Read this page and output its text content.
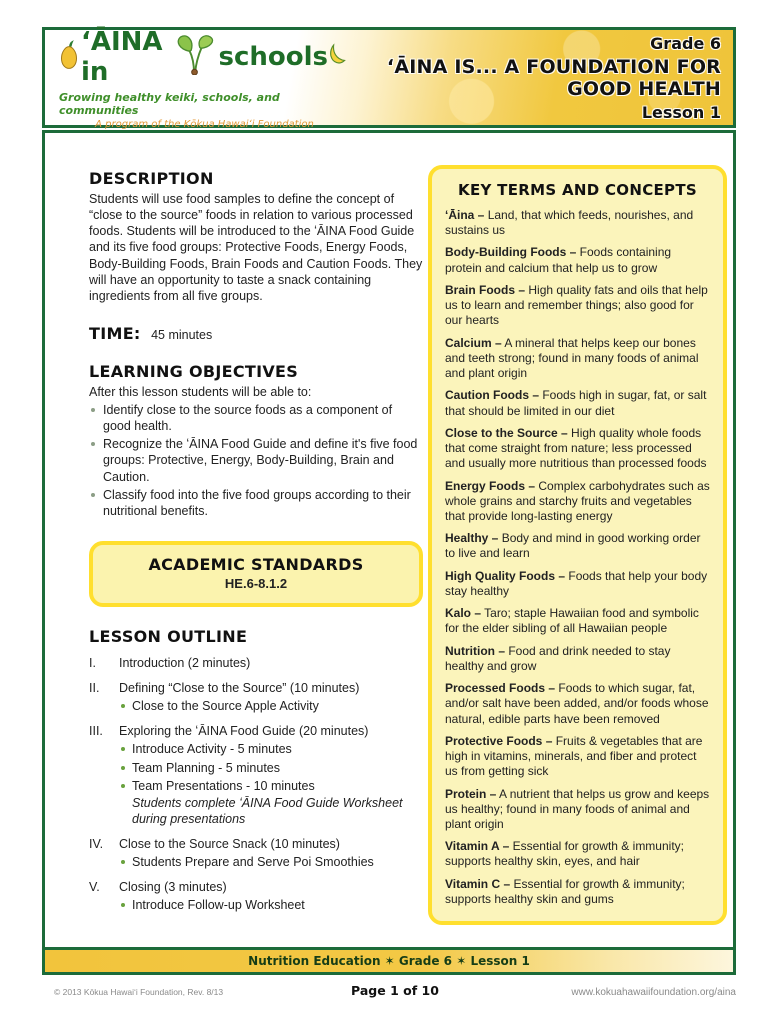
ʻĀINA in	schools
Growing healthy keiki, schools, and communities
A program of the Kōkua Hawaiʻi Foundation
Grade 6
ʻĀINA IS... A FOUNDATION FOR GOOD HEALTH
Lesson 1
DESCRIPTION

Students will use food samples to define the concept of “close to the source” foods in relation to various processed foods. Students will be introduced to the ʻĀINA Food Guide and its five food groups: Protective Foods, Energy Foods, Body-Building Foods, Brain Foods and Caution Foods. They will have an opportunity to taste a snack containing ingredients from all five groups.

TIME: 45 minutes
LEARNING OBJECTIVES
After this lesson students will be able to:
Identify close to the source foods as a component of good health.
Recognize the ʻĀINA Food Guide and define it's five food groups: Protective, Energy, Body-Building, Brain and Caution.
Classify food into the five food groups according to their nutritional benefits.
ACADEMIC STANDARDS
HE.6-8.1.2
LESSON OUTLINE
I.	Introduction (2 minutes)
II.	Defining “Close to the Source” (10 minutes)
Close to the Source Apple Activity
III.	Exploring the ʻĀINA Food Guide (20 minutes)
Introduce Activity - 5 minutes
Team Planning - 5 minutes
Team Presentations - 10 minutes
Students complete ʻĀINA Food Guide Worksheet during presentations
IV.	Close to the Source Snack (10 minutes)
Students Prepare and Serve Poi Smoothies
V.	Closing (3 minutes)
Introduce Follow-up Worksheet
KEY TERMS AND CONCEPTS

ʻĀina – Land, that which feeds, nourishes, and sustains us

Body-Building Foods – Foods containing protein and calcium that help us to grow

Brain Foods – High quality fats and oils that help us to learn and remember things; also good for our hearts

Calcium – A mineral that helps keep our bones and teeth strong; found in many foods of animal and plant origin

Caution Foods – Foods high in sugar, fat, or salt that should be limited in our diet

Close to the Source – High quality whole foods that come straight from nature; less processed and usually more nutritious than processed foods

Energy Foods – Complex carbohydrates such as whole grains and starchy fruits and vegetables that provide long-lasting energy

Healthy – Body and mind in good working order to live and learn

High Quality Foods – Foods that help your body stay healthy

Kalo – Taro; staple Hawaiian food and symbolic for the elder sibling of all Hawaiian people

Nutrition – Food and drink needed to stay healthy and grow

Processed Foods – Foods to which sugar, fat, and/or salt have been added, and/or foods whose natural, edible parts have been removed

Protective Foods – Fruits & vegetables that are high in vitamins, minerals, and fiber and protect us from getting sick

Protein – A nutrient that helps us grow and keeps us healthy; found in many foods of animal and plant origin

Vitamin A – Essential for growth & immunity; supports healthy skin, eyes, and hair

Vitamin C – Essential for growth & immunity; supports healthy skin and gums

Nutrition Education ✶ Grade 6 ✶ Lesson 1
© 2013 Kōkua Hawaiʻi Foundation, Rev. 8/13	Page 1 of 10	www.kokuahawaiifoundation.org/aina
